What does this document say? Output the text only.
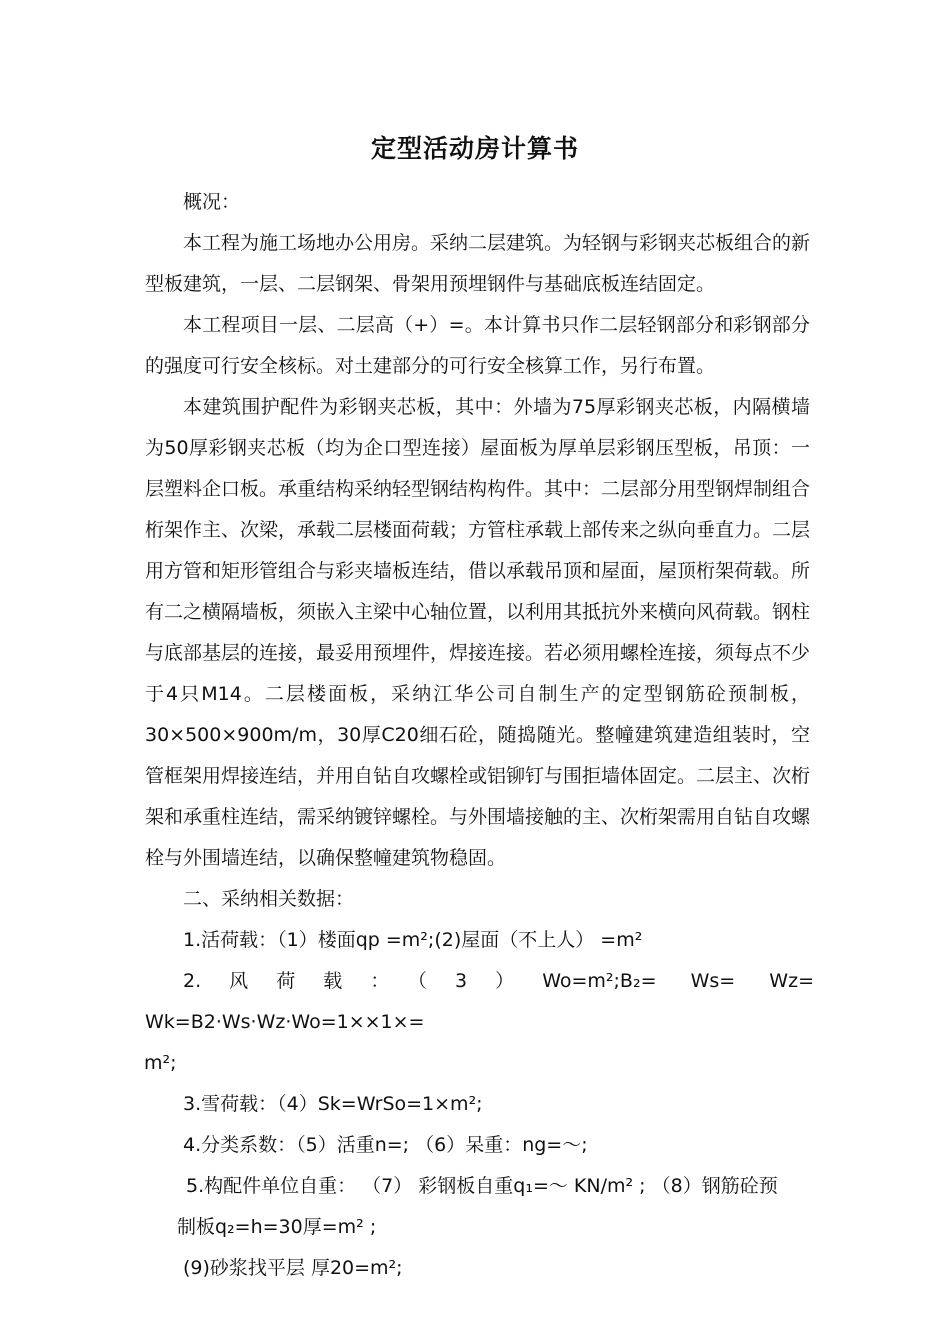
定型活动房计算书

概况：

本工程为施工场地办公用房。采纳二层建筑。为轻钢与彩钢夹芯板组合的新型板建筑，一层、二层钢架、骨架用预埋钢件与基础底板连结固定。

本工程项目一层、二层高（+）=。本计算书只作二层轻钢部分和彩钢部分的强度可行安全核标。对土建部分的可行安全核算工作，另行布置。

本建筑围护配件为彩钢夹芯板，其中：外墙为75厚彩钢夹芯板，内隔横墙为50厚彩钢夹芯板（均为企口型连接）屋面板为厚单层彩钢压型板，吊顶：一层塑料企口板。承重结构采纳轻型钢结构构件。其中：二层部分用型钢焊制组合桁架作主、次梁，承载二层楼面荷载；方管柱承载上部传来之纵向垂直力。二层用方管和矩形管组合与彩夹墙板连结，借以承载吊顶和屋面，屋顶桁架荷载。所有二之横隔墙板，须嵌入主梁中心轴位置，以利用其抵抗外来横向风荷载。钢柱与底部基层的连接，最妥用预埋件，焊接连接。若必须用螺栓连接，须每点不少于4只M14。二层楼面板，采纳江华公司自制生产的定型钢筋砼预制板，30×500×900m/m，30厚C20细石砼，随捣随光。整幢建筑建造组装时，空管框架用焊接连结，并用自钻自攻螺栓或铝铆钉与围拒墙体固定。二层主、次桁架和承重柱连结，需采纳镀锌螺栓。与外围墙接触的主、次桁架需用自钻自攻螺栓与外围墙连结，以确保整幢建筑物稳固。

二、采纳相关数据：

1.活荷载：（1）楼面qp =m²;(2)屋面（不上人） =m²

2.风荷载：（3）Wo=m²;B₂= Ws= Wz= Wk=B2·Ws·Wz·Wo=1××1×=

m²;

3.雪荷载：（4）Sk=WrSo=1×m²;

4.分类系数：（5）活重n=; （6）呆重：ng=～;

5.构配件单位自重： （7） 彩钢板自重q₁=～ KN/m² ; （8）钢筋砼预

制板q₂=h=30厚=m² ;

(9)砂浆找平层 厚20=m²;
